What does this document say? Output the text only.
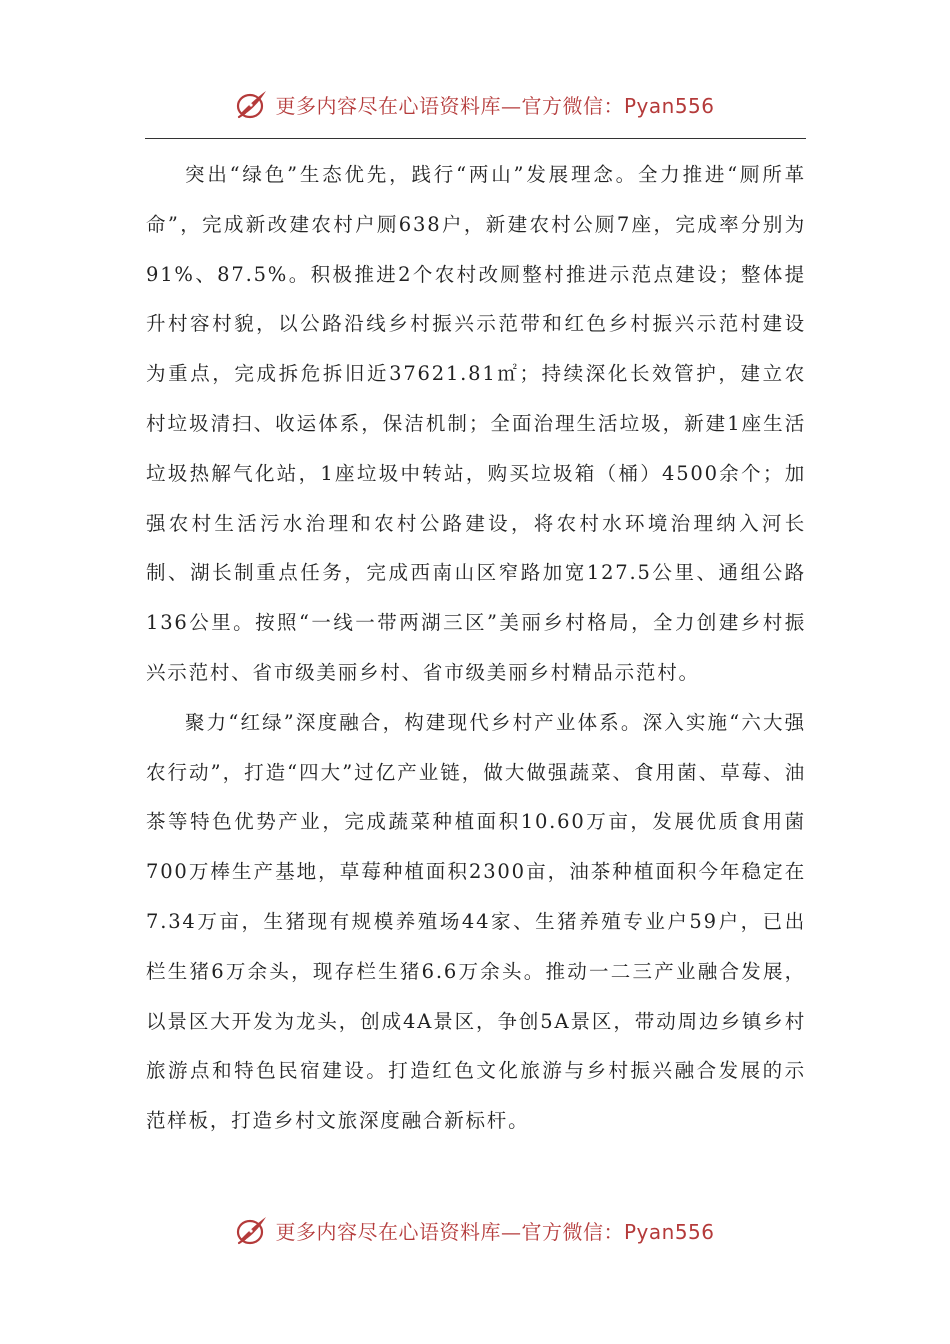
更多内容尽在心语资料库—官方微信：Pyan556

突出“绿色”生态优先，践行“两山”发展理念。全力推进“厕所革命”，完成新改建农村户厕638户，新建农村公厕7座，完成率分别为91%、87.5%。积极推进2个农村改厕整村推进示范点建设；整体提升村容村貌，以公路沿线乡村振兴示范带和红色乡村振兴示范村建设为重点，完成拆危拆旧近37621.81㎡；持续深化长效管护，建立农村垃圾清扫、收运体系，保洁机制；全面治理生活垃圾，新建1座生活垃圾热解气化站，1座垃圾中转站，购买垃圾箱（桶）4500余个；加强农村生活污水治理和农村公路建设，将农村水环境治理纳入河长制、湖长制重点任务，完成西南山区窄路加宽127.5公里、通组公路136公里。按照“一线一带两湖三区”美丽乡村格局，全力创建乡村振兴示范村、省市级美丽乡村、省市级美丽乡村精品示范村。

聚力“红绿”深度融合，构建现代乡村产业体系。深入实施“六大强农行动”，打造“四大”过亿产业链，做大做强蔬菜、食用菌、草莓、油茶等特色优势产业，完成蔬菜种植面积10.60万亩，发展优质食用菌700万棒生产基地，草莓种植面积2300亩，油茶种植面积今年稳定在7.34万亩，生猪现有规模养殖场44家、生猪养殖专业户59户，已出栏生猪6万余头，现存栏生猪6.6万余头。推动一二三产业融合发展，以景区大开发为龙头，创成4A景区，争创5A景区，带动周边乡镇乡村旅游点和特色民宿建设。打造红色文化旅游与乡村振兴融合发展的示范样板，打造乡村文旅深度融合新标杆。

更多内容尽在心语资料库—官方微信：Pyan556
